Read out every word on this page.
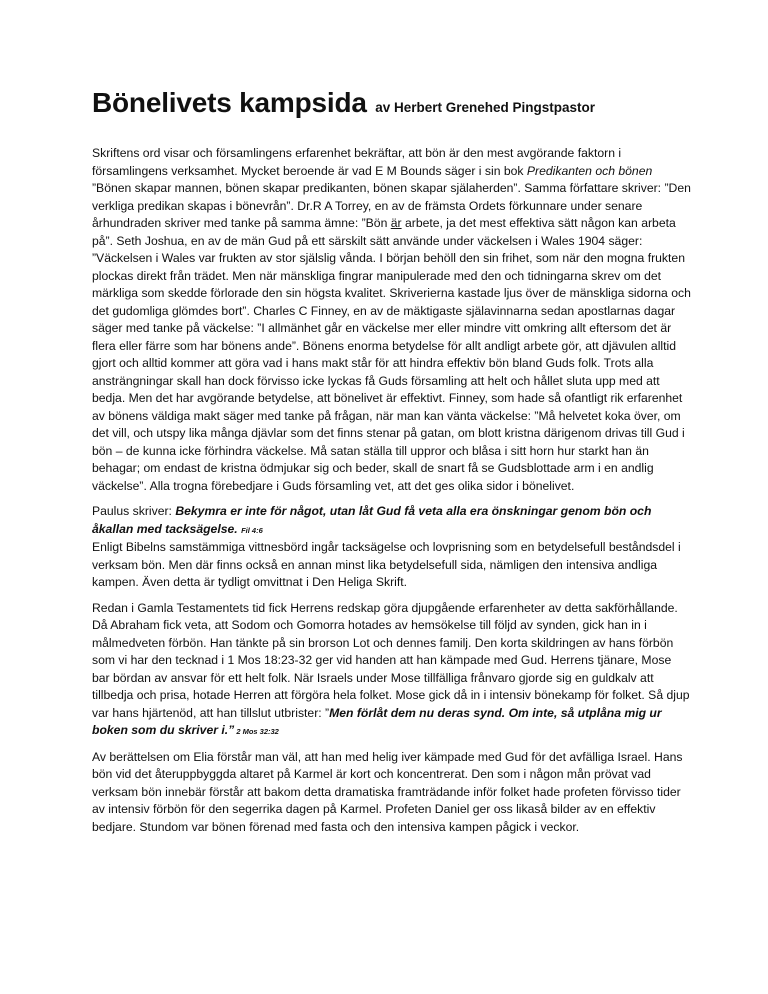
Bönelivets kampsida av Herbert Grenehed Pingstpastor

Skriftens ord visar och församlingens erfarenhet bekräftar, att bön är den mest avgörande faktorn i församlingens verksamhet. Mycket beroende är vad E M Bounds säger i sin bok Predikanten och bönen ”Bönen skapar mannen, bönen skapar predikanten, bönen skapar själaherden”. Samma författare skriver: ”Den verkliga predikan skapas i bönevrån”. Dr.R A Torrey, en av de främsta Ordets förkunnare under senare århundraden skriver med tanke på samma ämne: ”Bön är arbete, ja det mest effektiva sätt någon kan arbeta på”. Seth Joshua, en av de män Gud på ett särskilt sätt använde under väckelsen i Wales 1904 säger: ”Väckelsen i Wales var frukten av stor själslig vånda. I början behöll den sin frihet, som när den mogna frukten plockas direkt från trädet. Men när mänskliga fingrar manipulerade med den och tidningarna skrev om det märkliga som skedde förlorade den sin högsta kvalitet. Skriverierna kastade ljus över de mänskliga sidorna och det gudomliga glömdes bort”. Charles C Finney, en av de mäktigaste själavinnarna sedan apostlarnas dagar säger med tanke på väckelse: ”I allmänhet går en väckelse mer eller mindre vitt omkring allt eftersom det är flera eller färre som har bönens ande”. Bönens enorma betydelse för allt andligt arbete gör, att djävulen alltid gjort och alltid kommer att göra vad i hans makt står för att hindra effektiv bön bland Guds folk. Trots alla ansträngningar skall han dock förvisso icke lyckas få Guds församling att helt och hållet sluta upp med att bedja. Men det har avgörande betydelse, att bönelivet är effektivt. Finney, som hade så ofantligt rik erfarenhet av bönens väldiga makt säger med tanke på frågan, när man kan vänta väckelse: ”Må helvetet koka över, om det vill, och utspy lika många djävlar som det finns stenar på gatan, om blott kristna därigenom drivas till Gud i bön – de kunna icke förhindra väckelse. Må satan ställa till uppror och blåsa i sitt horn hur starkt han än behagar; om endast de kristna ödmjukar sig och beder, skall de snart få se Gudsblottade arm i en andlig väckelse”. Alla trogna förebedjare i Guds församling vet, att det ges olika sidor i bönelivet.

Paulus skriver: Bekymra er inte för något, utan låt Gud få veta alla era önskningar genom bön och åkallan med tacksägelse. Fil 4:6
Enligt Bibelns samstämmiga vittnesbörd ingår tacksägelse och lovprisning som en betydelsefull beståndsdel i verksam bön. Men där finns också en annan minst lika betydelsefull sida, nämligen den intensiva andliga kampen. Även detta är tydligt omvittnat i Den Heliga Skrift.

Redan i Gamla Testamentets tid fick Herrens redskap göra djupgående erfarenheter av detta sakförhållande. Då Abraham fick veta, att Sodom och Gomorra hotades av hemsökelse till följd av synden, gick han in i målmedveten förbön. Han tänkte på sin brorson Lot och dennes familj. Den korta skildringen av hans förbön som vi har den tecknad i 1 Mos 18:23-32 ger vid handen att han kämpade med Gud. Herrens tjänare, Mose bar bördan av ansvar för ett helt folk. När Israels under Mose tillfälliga frånvaro gjorde sig en guldkalv att tillbedja och prisa, hotade Herren att förgöra hela folket. Mose gick då in i intensiv bönekamp för folket. Så djup var hans hjärtenöd, att han tillslut utbrister: ”Men förlåt dem nu deras synd. Om inte, så utplåna mig ur boken som du skriver i.” 2 Mos 32:32

Av berättelsen om Elia förstår man väl, att han med helig iver kämpade med Gud för det avfälliga Israel. Hans bön vid det återuppbyggda altaret på Karmel är kort och koncentrerat. Den som i någon mån prövat vad verksam bön innebär förstår att bakom detta dramatiska framträdande inför folket hade profeten förvisso tider av intensiv förbön för den segerrika dagen på Karmel. Profeten Daniel ger oss likaså bilder av en effektiv bedjare. Stundom var bönen förenad med fasta och den intensiva kampen pågick i veckor.
